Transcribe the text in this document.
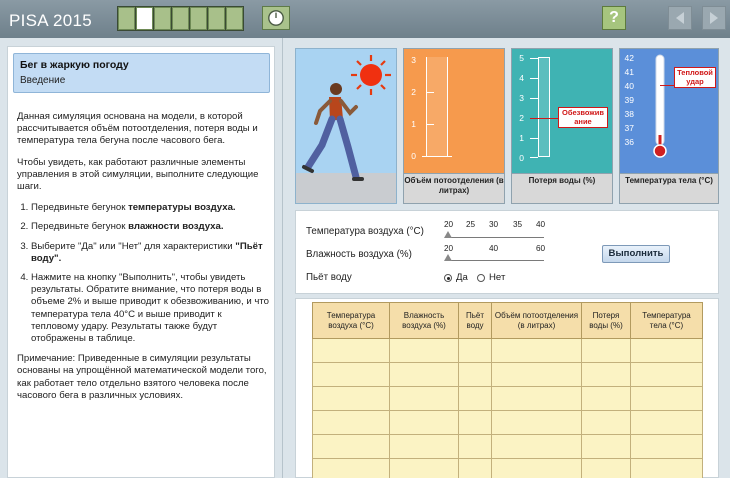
PISA 2015	?
Бег в жаркую погоду
Введение

Данная симуляция основана на модели, в которой рассчитывается объём потоотделения, потеря воды и температура тела бегуна после часового бега.

Чтобы увидеть, как работают различные элементы управления в этой симуляции, выполните следующие шаги.

1. Передвиньте бегунок температуры воздуха.
2. Передвиньте бегунок влажности воздуха.
3. Выберите "Да" или "Нет" для характеристики "Пьёт воду".
4. Нажмите на кнопку "Выполнить", чтобы увидеть результаты. Обратите внимание, что потеря воды в объеме 2% и выше приводит к обезвоживанию, и что температура тела 40°С и выше приводит к тепловому удару. Результаты также будут отображены в таблице.

Примечание: Приведенные в симуляции результаты основаны на упрощённой математической модели того, как работает тело отдельно взятого человека после часового бега в различных условиях.

3
2
1
0
Объём потоотделения (в литрах)
5
4
3
2
1
0
Обезвожив ание
Потеря воды (%)
42
41
40
39
38
37
36
Тепловой удар
Температура тела (°C)
Температура воздуха (°С)
20 25 30 35 40
Влажность воздуха (%)
20	40	60
Пьёт воду	Да Нет
Выполнить
Температура воздуха (°С)	Влажность воздуха (%)	Пьёт воду	Объём потоотделения (в литрах)	Потеря воды (%)	Температура тела (°С)
